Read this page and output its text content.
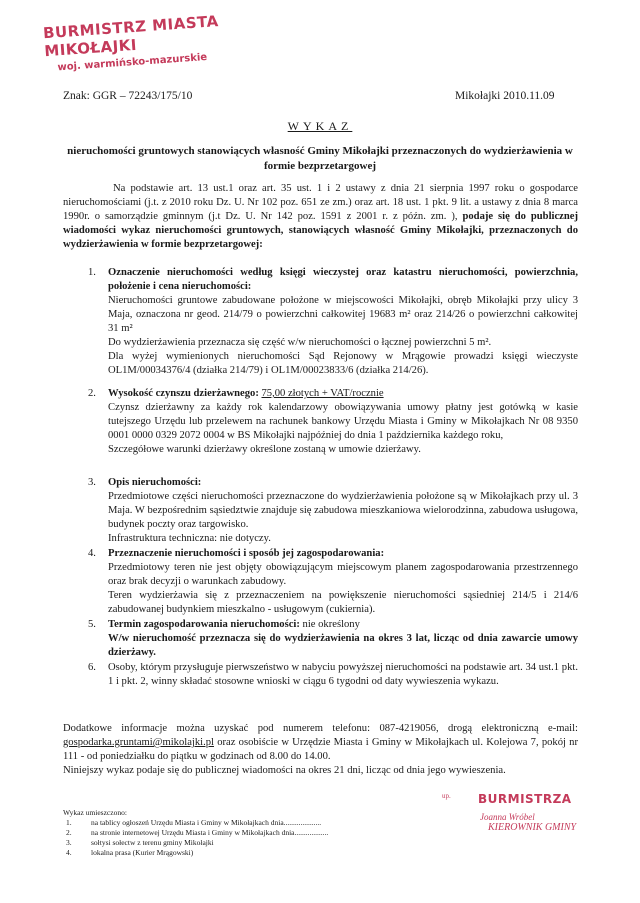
BURMISTRZ MIASTA MIKOŁAJKI
woj. warmińsko-mazurskie
Znak: GGR – 72243/175/10	Mikołajki 2010.11.09
WYKAZ
nieruchomości gruntowych stanowiących własność Gminy Mikołajki przeznaczonych do wydzierżawienia w formie bezprzetargowej
Na podstawie art. 13 ust.1 oraz art. 35 ust. 1 i 2 ustawy z dnia 21 sierpnia 1997 roku o gospodarce nieruchomościami (j.t. z 2010 roku Dz. U. Nr 102 poz. 651 ze zm.) oraz art. 18 ust. 1 pkt. 9 lit. a ustawy z dnia 8 marca 1990r. o samorządzie gminnym (j.t Dz. U. Nr 142 poz. 1591 z 2001 r. z późn. zm. ), podaje się do publicznej wiadomości wykaz nieruchomości gruntowych, stanowiących własność Gminy Mikołajki, przeznaczonych do wydzierżawienia w formie bezprzetargowej:
1. Oznaczenie nieruchomości według księgi wieczystej oraz katastru nieruchomości, powierzchnia, położenie i cena nieruchomości:
Nieruchomości gruntowe zabudowane położone w miejscowości Mikołajki, obręb Mikołajki przy ulicy 3 Maja, oznaczona nr geod. 214/79 o powierzchni całkowitej 19683 m² oraz 214/26 o powierzchni całkowitej 31 m²
Do wydzierżawienia przeznacza się część w/w nieruchomości o łącznej powierzchni 5 m².
Dla wyżej wymienionych nieruchomości Sąd Rejonowy w Mrągowie prowadzi księgi wieczyste OL1M/00034376/4 (działka 214/79) i OL1M/00023833/6 (działka 214/26).
2. Wysokość czynszu dzierżawnego: 75,00 złotych + VAT/rocznie
Czynsz dzierżawny za każdy rok kalendarzowy obowiązywania umowy płatny jest gotówką w kasie tutejszego Urzędu lub przelewem na rachunek bankowy Urzędu Miasta i Gminy w Mikołajkach Nr 08 9350 0001 0000 0329 2072 0004 w BS Mikołajki najpóźniej do dnia 1 października każdego roku,
Szczegółowe warunki dzierżawy określone zostaną w umowie dzierżawy.
3. Opis nieruchomości:
Przedmiotowe części nieruchomości przeznaczone do wydzierżawienia położone są w Mikołajkach przy ul. 3 Maja. W bezpośrednim sąsiedztwie znajduje się zabudowa mieszkaniowa wielorodzinna, zabudowa usługowa, budynek poczty oraz targowisko.
Infrastruktura techniczna: nie dotyczy.
4. Przeznaczenie nieruchomości i sposób jej zagospodarowania:
Przedmiotowy teren nie jest objęty obowiązującym miejscowym planem zagospodarowania przestrzennego oraz brak decyzji o warunkach zabudowy.
Teren wydzierżawia się z przeznaczeniem na powiększenie nieruchomości sąsiedniej 214/5 i 214/6 zabudowanej budynkiem mieszkalno - usługowym (cukiernia).
5. Termin zagospodarowania nieruchomości: nie określony
W/w nieruchomość przeznacza się do wydzierżawienia na okres 3 lat, licząc od dnia zawarcie umowy dzierżawy.
6. Osoby, którym przysługuje pierwszeństwo w nabyciu powyższej nieruchomości na podstawie art. 34 ust.1 pkt. 1 i pkt. 2, winny składać stosowne wnioski w ciągu 6 tygodni od daty wywieszenia wykazu.
Dodatkowe informacje można uzyskać pod numerem telefonu: 087-4219056, drogą elektroniczną e-mail: gospodarka.gruntami@mikolajki.pl oraz osobiście w Urzędzie Miasta i Gminy w Mikołajkach ul. Kolejowa 7, pokój nr 111 - od poniedziałku do piątku w godzinach od 8.00 do 14.00.
Niniejszy wykaz podaje się do publicznej wiadomości na okres 21 dni, licząc od dnia jego wywieszenia.
Wykaz umieszczono:
1.	na tablicy ogłoszeń Urzędu Miasta i Gminy w Mikołajkach dnia....................
2.	na stronie internetowej Urzędu Miasta i Gminy w Mikołajkach dnia..................
3.	sołtysi sołectw z terenu gminy Mikołajki
4.	lokalna prasa (Kurier Mrągowski)
up. BURMISTRZA
Joanna Wróbel
KIEROWNIK GMINY
